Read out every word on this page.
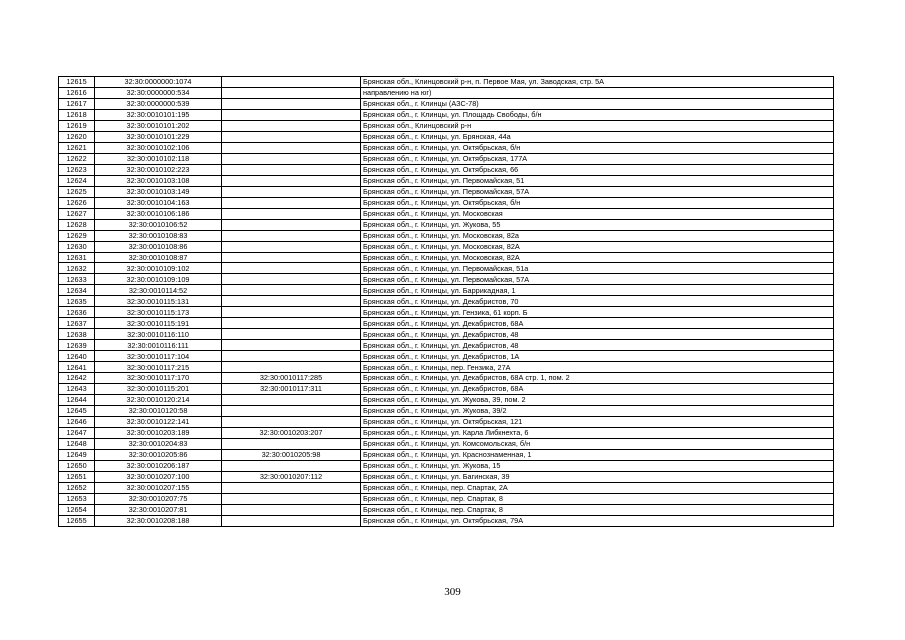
12615	32:30:0000000:1074		Брянская обл., Клинцовский р-н, п. Первое Мая, ул. Заводская, стр. 5А
12616	32:30:0000000:534		направлению на юг)
12617	32:30:0000000:539		Брянская обл., г. Клинцы (АЗС-78)
12618	32:30:0010101:195		Брянская обл., г. Клинцы, ул. Площадь Свободы, б/н
12619	32:30:0010101:202		Брянская обл., Клинцовский р-н
12620	32:30:0010101:229		Брянская обл., г. Клинцы, ул. Брянская, 44а
12621	32:30:0010102:106		Брянская обл., г. Клинцы, ул. Октябрьская, б/н
12622	32:30:0010102:118		Брянская обл., г. Клинцы, ул. Октябрьская, 177А
12623	32:30:0010102:223		Брянская обл., г. Клинцы, ул. Октябрьская, 66
12624	32:30:0010103:108		Брянская обл., г. Клинцы, ул. Первомайская, 51
12625	32:30:0010103:149		Брянская обл., г. Клинцы, ул. Первомайская, 57А
12626	32:30:0010104:163		Брянская обл., г. Клинцы, ул. Октябрьская, б/н
12627	32:30:0010106:186		Брянская обл., г. Клинцы, ул. Московская
12628	32:30:0010106:52		Брянская обл., г. Клинцы, ул. Жукова, 55
12629	32:30:0010108:83		Брянская обл., г. Клинцы, ул. Московская, 82а
12630	32:30:0010108:86		Брянская обл., г. Клинцы, ул. Московская, 82А
12631	32:30:0010108:87		Брянская обл., г. Клинцы, ул. Московская, 82А
12632	32:30:0010109:102		Брянская обл., г. Клинцы, ул. Первомайская, 51а
12633	32:30:0010109:109		Брянская обл., г. Клинцы, ул. Первомайская, 57А
12634	32:30:0010114:52		Брянская обл., г. Клинцы, ул. Баррикадная, 1
12635	32:30:0010115:131		Брянская обл., г. Клинцы, ул. Декабристов, 70
12636	32:30:0010115:173		Брянская обл., г. Клинцы, ул. Гензика, 61 корп. Б
12637	32:30:0010115:191		Брянская обл., г. Клинцы, ул. Декабристов, 68А
12638	32:30:0010116:110		Брянская обл., г. Клинцы, ул. Декабристов, 48
12639	32:30:0010116:111		Брянская обл., г. Клинцы, ул. Декабристов, 48
12640	32:30:0010117:104		Брянская обл., г. Клинцы, ул. Декабристов, 1А
12641	32:30:0010117:215		Брянская обл., г. Клинцы, пер. Гензика, 27А
12642	32:30:0010117:170	32:30:0010117:285	Брянская обл., г. Клинцы, ул. Декабристов, 68А стр. 1, пом. 2
12643	32:30:0010115:201	32:30:0010117:311	Брянская обл., г. Клинцы, ул. Декабристов, 68А
12644	32:30:0010120:214		Брянская обл., г. Клинцы, ул. Жукова, 39, пом. 2
12645	32:30:0010120:58		Брянская обл., г. Клинцы, ул. Жукова, 39/2
12646	32:30:0010122:141		Брянская обл., г. Клинцы, ул. Октябрьская, 121
12647	32:30:0010203:189	32:30:0010203:207	Брянская обл., г. Клинцы, ул. Карла Либкнехта, 6
12648	32:30:0010204:83		Брянская обл., г. Клинцы, ул. Комсомольская, б/н
12649	32:30:0010205:86	32:30:0010205:98	Брянская обл., г. Клинцы, ул. Краснознаменная, 1
12650	32:30:0010206:187		Брянская обл., г. Клинцы, ул. Жукова, 15
12651	32:30:0010207:100	32:30:0010207:112	Брянская обл., г. Клинцы, ул. Багинская, 39
12652	32:30:0010207:155		Брянская обл., г. Клинцы, пер. Спартак, 2А
12653	32:30:0010207:75		Брянская обл., г. Клинцы, пер. Спартак, 8
12654	32:30:0010207:81		Брянская обл., г. Клинцы, пер. Спартак, 8
12655	32:30:0010208:188		Брянская обл., г. Клинцы, ул. Октябрьская, 79А
309
